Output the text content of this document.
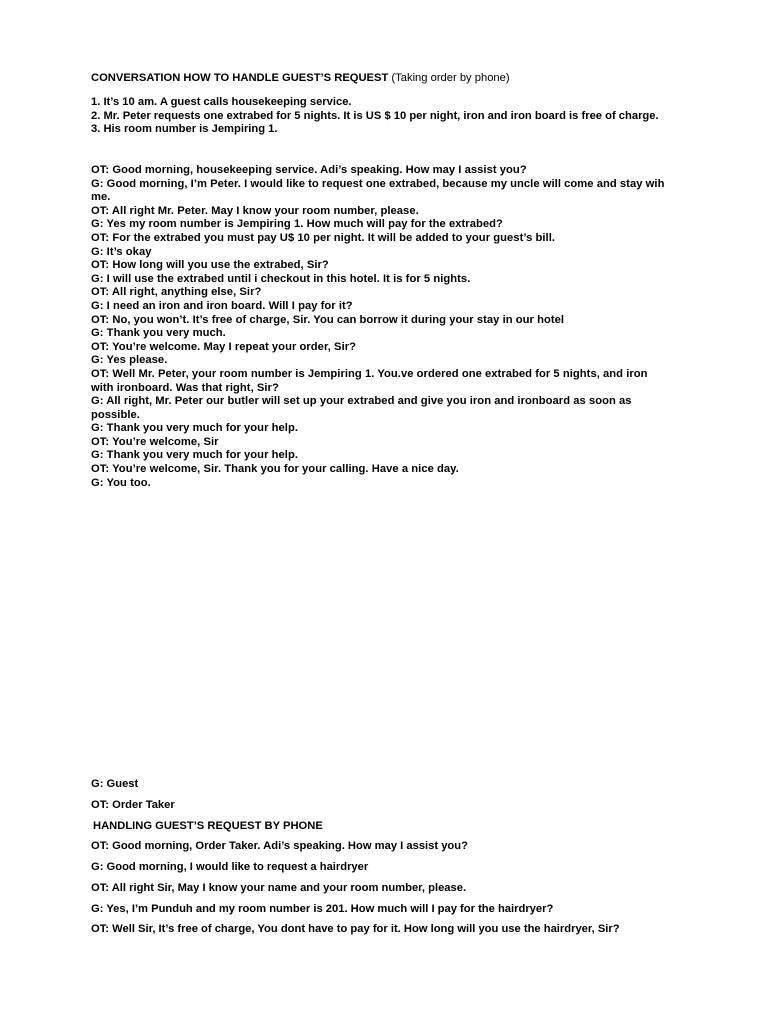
CONVERSATION HOW TO HANDLE GUEST’S REQUEST (Taking order by phone)
1. It’s 10 am. A guest calls housekeeping service.
2. Mr. Peter requests one extrabed for 5 nights. It is US $ 10 per night, iron and iron board is free of charge.
3. His room number is Jempiring 1.
OT: Good morning, housekeeping service. Adi’s speaking. How may I assist you?
G: Good morning, I’m Peter. I would like to request one extrabed, because my uncle will come and stay wih me.
OT: All right Mr. Peter. May I know your room number, please.
G: Yes my room number is Jempiring 1. How much will pay for the extrabed?
OT: For the extrabed you must pay U$ 10 per night. It will be added to your guest’s bill.
G: It’s okay
OT: How long will you use the extrabed, Sir?
G: I will use the extrabed until i checkout in this hotel. It is for 5 nights.
OT: All right, anything else, Sir?
G: I need an iron and iron board. Will I pay for it?
OT: No, you won’t. It’s free of charge, Sir. You can borrow it during your stay in our hotel
G: Thank you very much.
OT: You’re welcome. May I repeat your order, Sir?
G: Yes please.
OT: Well Mr. Peter, your room number is Jempiring 1. You.ve ordered one extrabed for 5 nights, and iron with ironboard. Was that right, Sir?
G: All right, Mr. Peter our butler will set up your extrabed and give you iron and ironboard as soon as possible.
G: Thank you very much for your help.
OT: You’re welcome, Sir
G: Thank you very much for your help.
OT: You’re welcome, Sir. Thank you for your calling. Have a nice day.
G: You too.
G: Guest
OT: Order Taker
HANDLING GUEST’S REQUEST BY PHONE
OT: Good morning, Order Taker. Adi’s speaking. How may I assist you?
G: Good morning, I would like to request a hairdryer
OT: All right Sir, May I know your name and your room number, please.
G: Yes, I’m Punduh and my room number is 201. How much will I pay for the hairdryer?
OT: Well Sir, It’s free of charge, You dont have to pay for it. How long will you use the hairdryer, Sir?
